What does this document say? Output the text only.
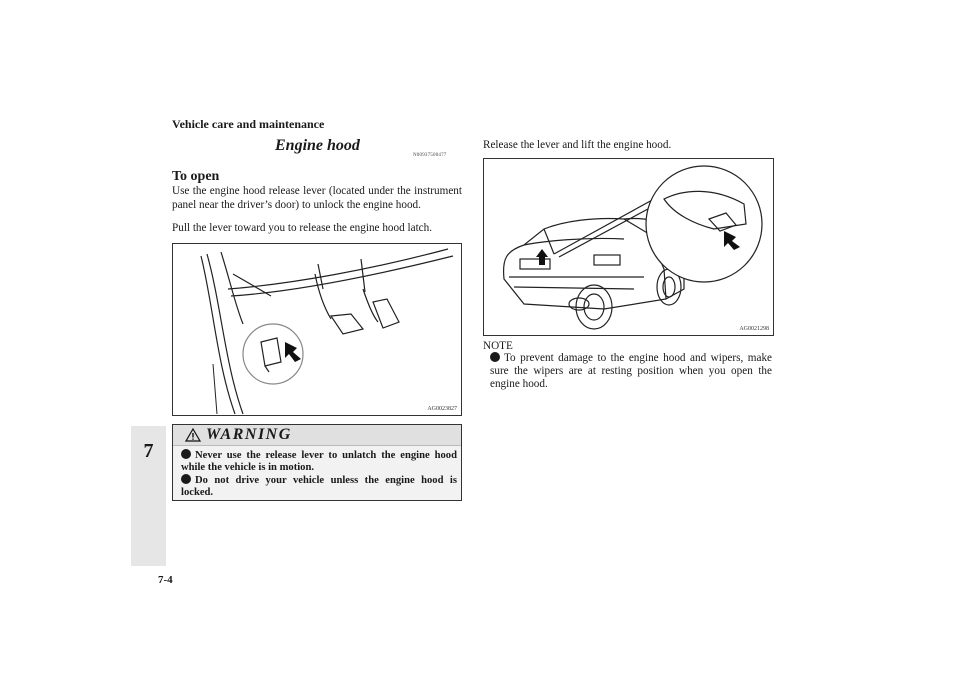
7
Vehicle care and maintenance
Engine hood
N00937500477
To open
Use the engine hood release lever (located under the instrument panel near the driver’s door) to unlock the engine hood.
Pull the lever toward you to release the engine hood latch.
AG0023827
WARNING
Never use the release lever to unlatch the engine hood while the vehicle is in motion.
Do not drive your vehicle unless the engine hood is locked.
Release the lever and lift the engine hood.
AG0021298
NOTE
To prevent damage to the engine hood and wipers, make sure the wipers are at resting position when you open the engine hood.
7-4
